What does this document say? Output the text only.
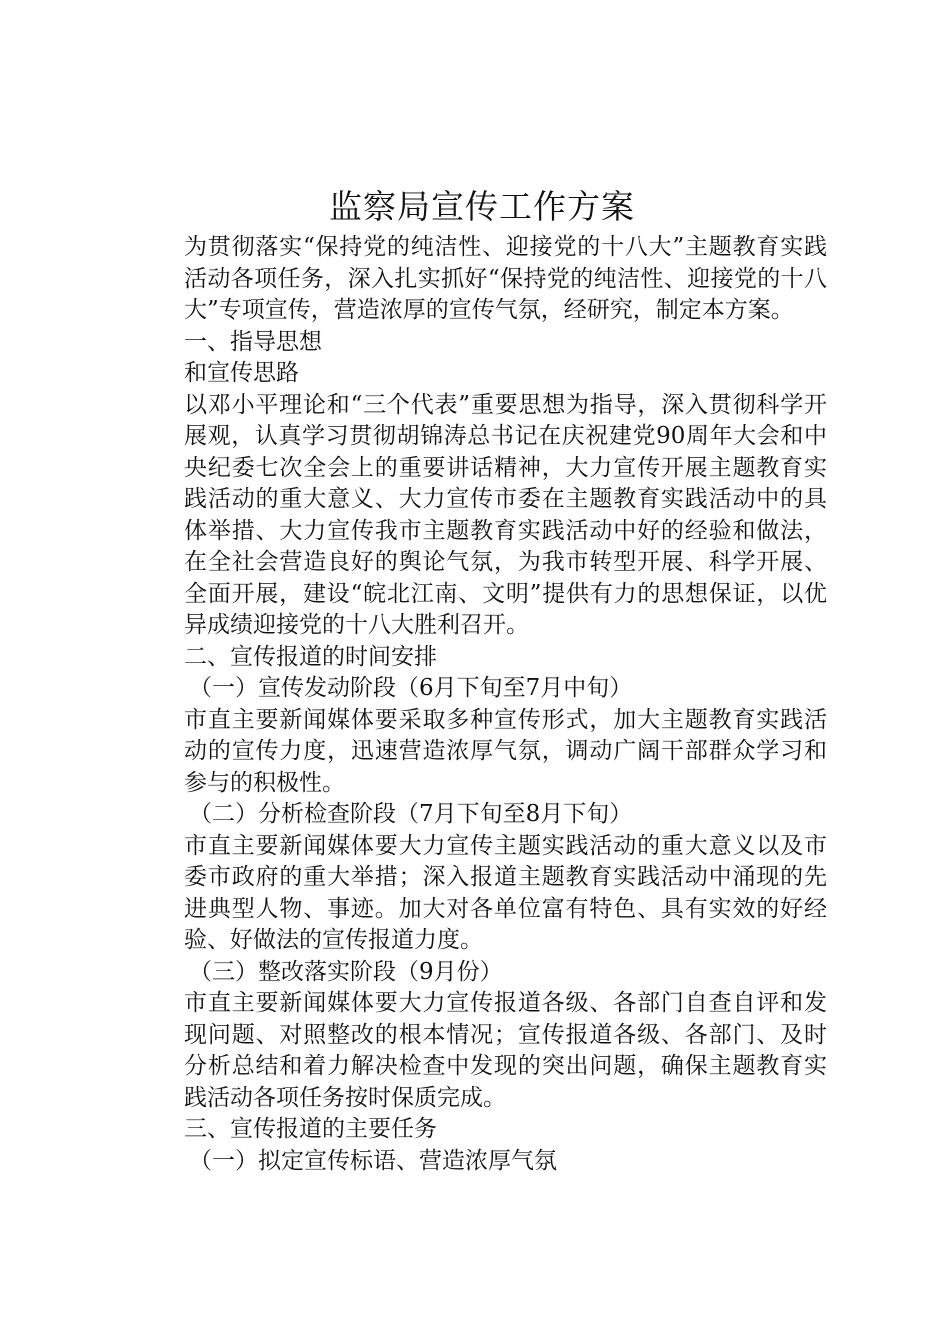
监察局宣传工作方案

为贯彻落实“保持党的纯洁性、迎接党的十八大”主题教育实践活动各项任务，深入扎实抓好“保持党的纯洁性、迎接党的十八大”专项宣传，营造浓厚的宣传气氛，经研究，制定本方案。

一、指导思想
和宣传思路

以邓小平理论和“三个代表”重要思想为指导，深入贯彻科学开展观，认真学习贯彻胡锦涛总书记在庆祝建党90周年大会和中央纪委七次全会上的重要讲话精神，大力宣传开展主题教育实践活动的重大意义、大力宣传市委在主题教育实践活动中的具体举措、大力宣传我市主题教育实践活动中好的经验和做法，在全社会营造良好的舆论气氛，为我市转型开展、科学开展、全面开展，建设“皖北江南、文明”提供有力的思想保证，以优异成绩迎接党的十八大胜利召开。

二、宣传报道的时间安排
（一）宣传发动阶段（6月下旬至7月中旬）

市直主要新闻媒体要采取多种宣传形式，加大主题教育实践活动的宣传力度，迅速营造浓厚气氛，调动广阔干部群众学习和参与的积极性。

（二）分析检查阶段（7月下旬至8月下旬）

市直主要新闻媒体要大力宣传主题实践活动的重大意义以及市委市政府的重大举措；深入报道主题教育实践活动中涌现的先进典型人物、事迹。加大对各单位富有特色、具有实效的好经验、好做法的宣传报道力度。

（三）整改落实阶段（9月份）

市直主要新闻媒体要大力宣传报道各级、各部门自查自评和发现问题、对照整改的根本情况；宣传报道各级、各部门、及时分析总结和着力解决检查中发现的突出问题，确保主题教育实践活动各项任务按时保质完成。

三、宣传报道的主要任务
（一）拟定宣传标语、营造浓厚气氛
